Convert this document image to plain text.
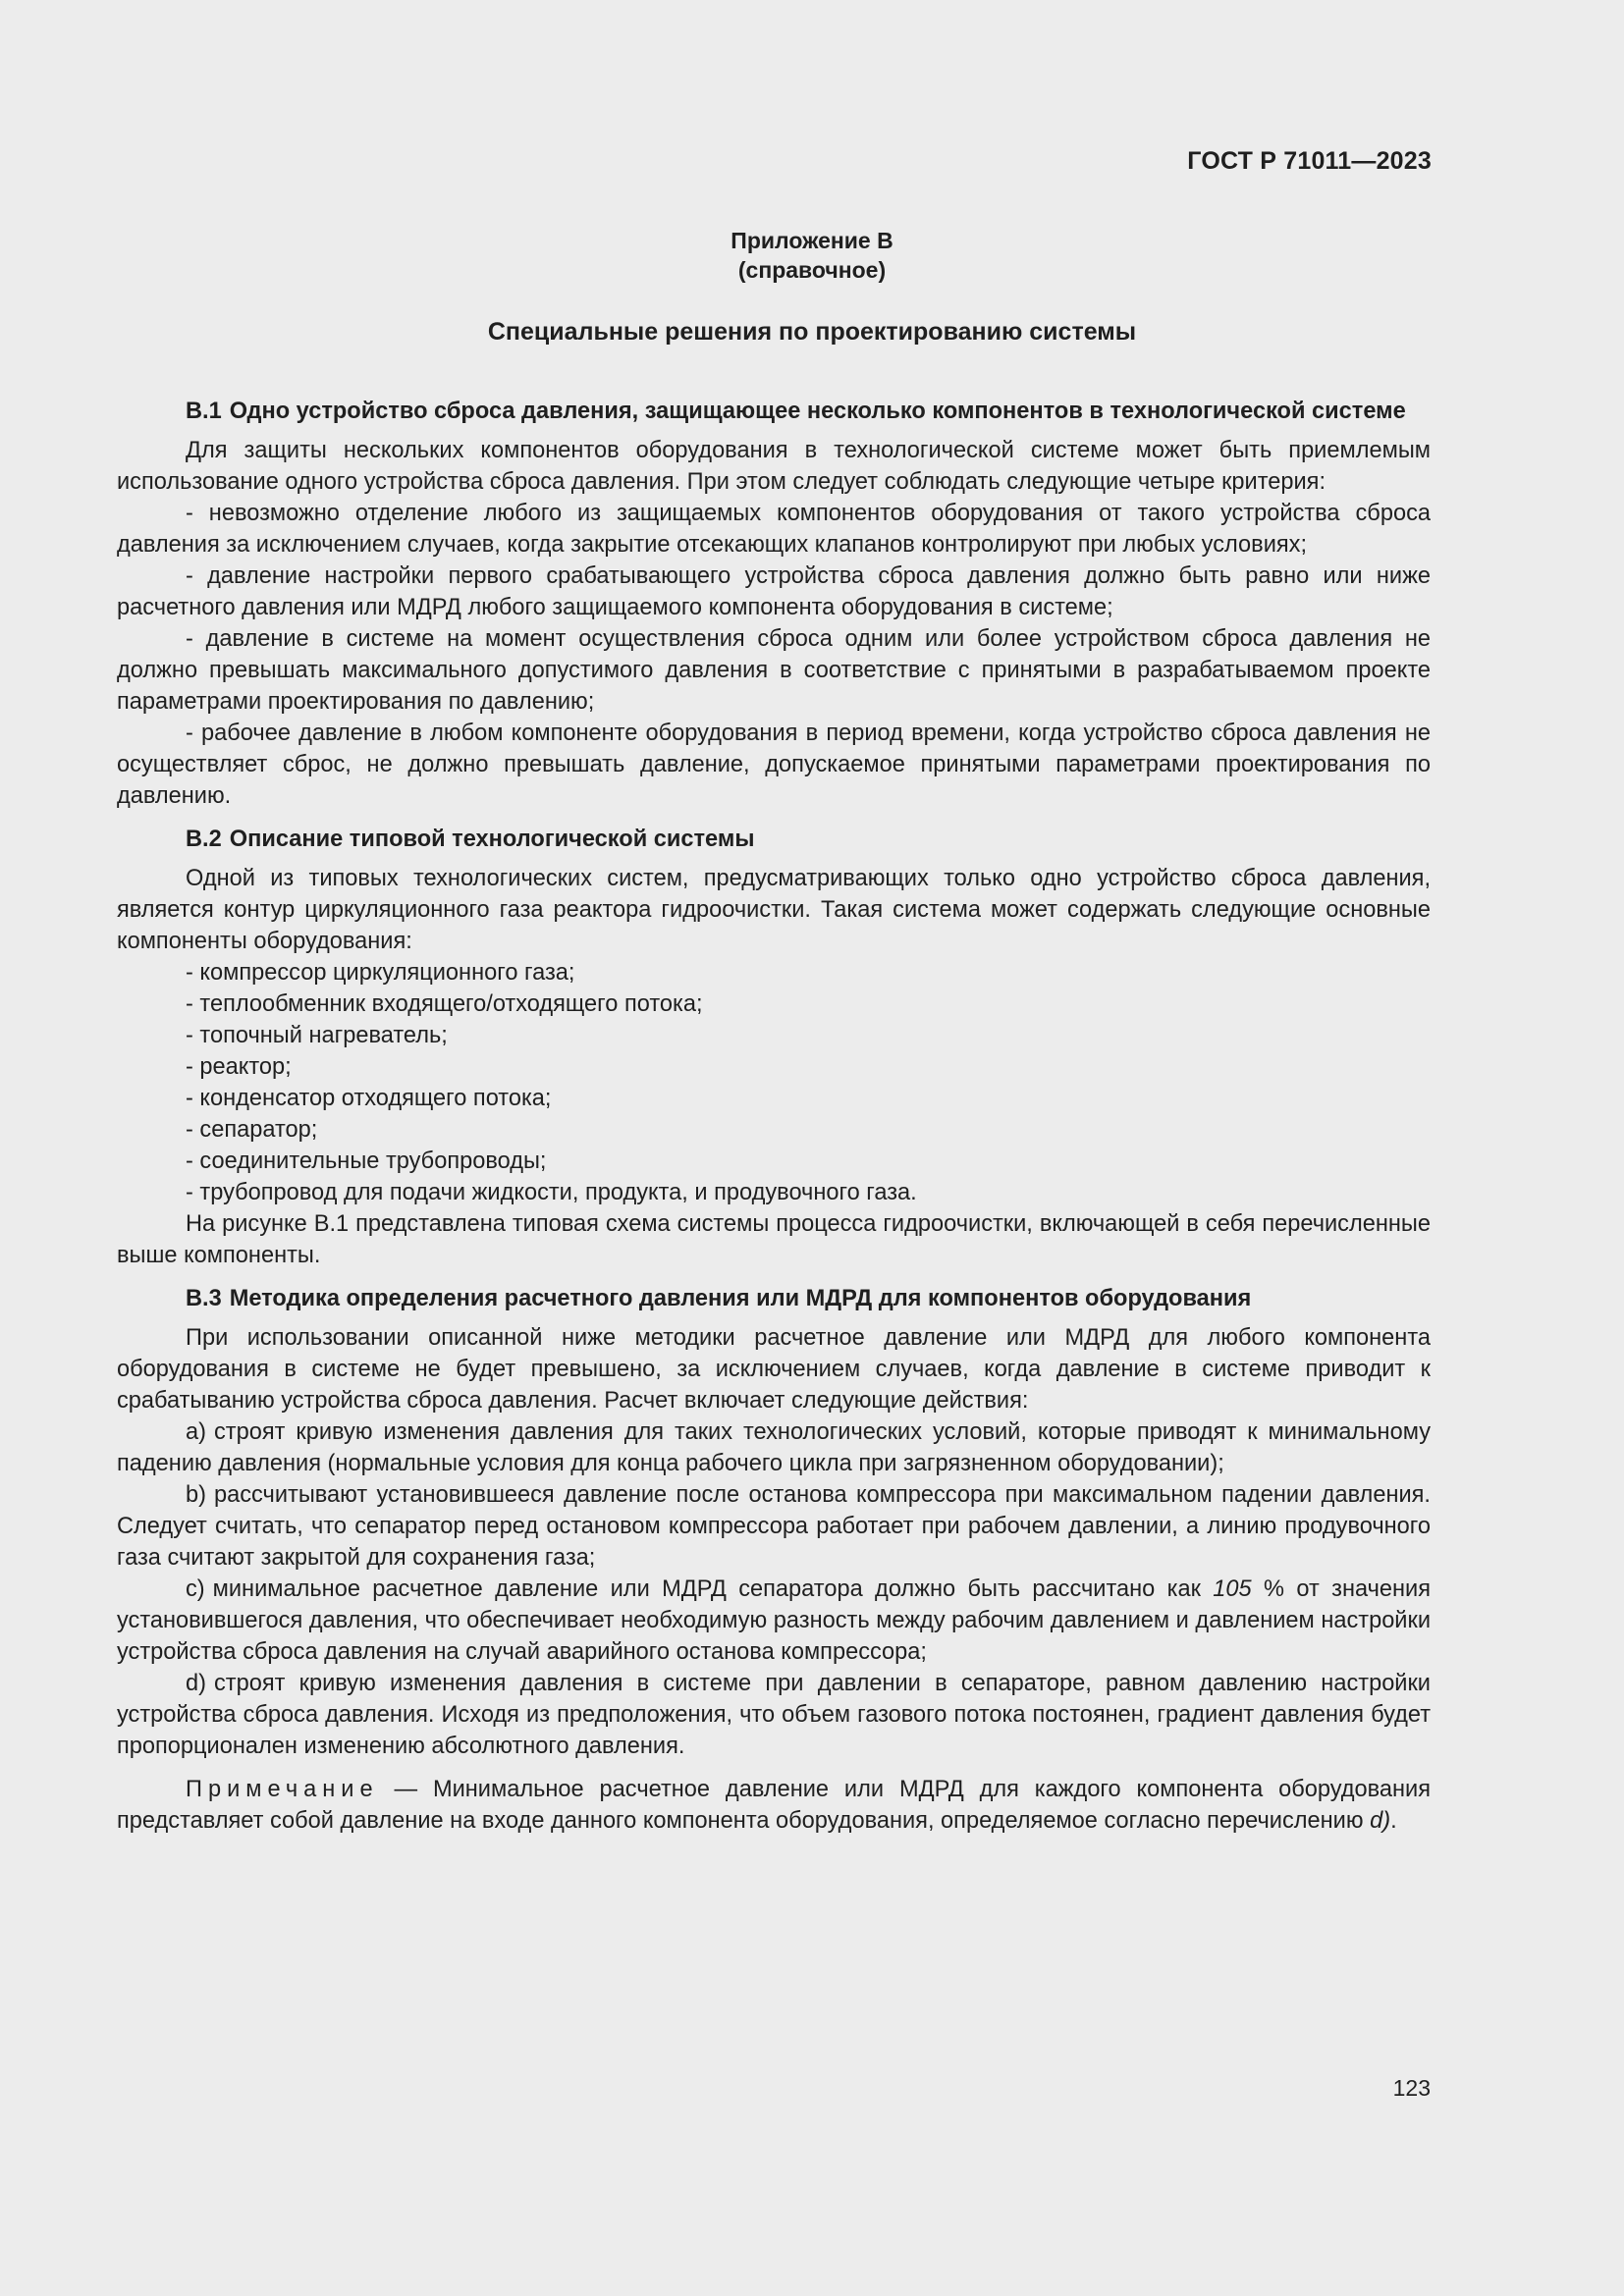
ГОСТ Р 71011—2023
Приложение В
(справочное)
Специальные решения по проектированию системы
В.1 Одно устройство сброса давления, защищающее несколько компонентов в технологической системе

Для защиты нескольких компонентов оборудования в технологической системе может быть приемлемым использование одного устройства сброса давления. При этом следует соблюдать следующие четыре критерия:

- невозможно отделение любого из защищаемых компонентов оборудования от такого устройства сброса давления за исключением случаев, когда закрытие отсекающих клапанов контролируют при любых условиях;

- давление настройки первого срабатывающего устройства сброса давления должно быть равно или ниже расчетного давления или МДРД любого защищаемого компонента оборудования в системе;

- давление в системе на момент осуществления сброса одним или более устройством сброса давления не должно превышать максимального допустимого давления в соответствие с принятыми в разрабатываемом проекте параметрами проектирования по давлению;

- рабочее давление в любом компоненте оборудования в период времени, когда устройство сброса давления не осуществляет сброс, не должно превышать давление, допускаемое принятыми параметрами проектирования по давлению.

В.2 Описание типовой технологической системы

Одной из типовых технологических систем, предусматривающих только одно устройство сброса давления, является контур циркуляционного газа реактора гидроочистки. Такая система может содержать следующие основные компоненты оборудования:

- компрессор циркуляционного газа;
- теплообменник входящего/отходящего потока;
- топочный нагреватель;
- реактор;
- конденсатор отходящего потока;
- сепаратор;
- соединительные трубопроводы;
- трубопровод для подачи жидкости, продукта, и продувочного газа.

На рисунке В.1 представлена типовая схема системы процесса гидроочистки, включающей в себя перечисленные выше компоненты.

В.3 Методика определения расчетного давления или МДРД для компонентов оборудования

При использовании описанной ниже методики расчетное давление или МДРД для любого компонента оборудования в системе не будет превышено, за исключением случаев, когда давление в системе приводит к срабатыванию устройства сброса давления. Расчет включает следующие действия:

a) строят кривую изменения давления для таких технологических условий, которые приводят к минимальному падению давления (нормальные условия для конца рабочего цикла при загрязненном оборудовании);

b) рассчитывают установившееся давление после останова компрессора при максимальном падении давления. Следует считать, что сепаратор перед остановом компрессора работает при рабочем давлении, а линию продувочного газа считают закрытой для сохранения газа;

c) минимальное расчетное давление или МДРД сепаратора должно быть рассчитано как 105 % от значения установившегося давления, что обеспечивает необходимую разность между рабочим давлением и давлением настройки устройства сброса давления на случай аварийного останова компрессора;

d) строят кривую изменения давления в системе при давлении в сепараторе, равном давлению настройки устройства сброса давления. Исходя из предположения, что объем газового потока постоянен, градиент давления будет пропорционален изменению абсолютного давления.

Примечание — Минимальное расчетное давление или МДРД для каждого компонента оборудования представляет собой давление на входе данного компонента оборудования, определяемое согласно перечислению d).

123
